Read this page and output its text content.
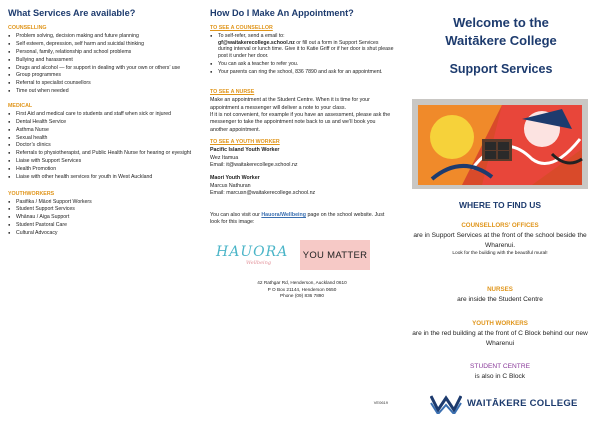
What Services Are available?
COUNSELLING
● Problem solving, decision making and future planning
● Self esteem, depression, self harm and suicidal thinking
● Personal, family, relationship and school problems
● Bullying and harassment
● Drugs and alcohol — for support in dealing with your own or others’ use
● Group programmes
● Referral to specialist counsellors
● Time out when needed
MEDICAL
● First Aid and medical care to students and staff when sick or injured
● Dental Health Service
● Asthma Nurse
● Sexual health
● Doctor’s clinics
● Referrals to physiotherapist, and Public Health Nurse for hearing or eyesight
● Liaise with Support Services
● Health Promotion
● Liaise with other health services for youth in West Auckland
YOUTHWORKERS
● Pasifika / Māori Support Workers
● Student Support Services
● Whānau / Aiga Support
● Student Pastoral Care
● Cultural Advocacy
How Do I Make An Appointment?
TO SEE A COUNSELLOR
● To self-refer, send a email to:
gf@waitakerecollege.school.nz or fill out a form in Support Services during interval or lunch time. Give it to Katie Griff or if her door is shut please post it under her door.
● You can ask a teacher to refer you.
● Your parents can ring the school, 836 7890 and ask for an appointment.
TO SEE A NURSE
Make an appointment at the Student Centre. When it is time for your appointment a messenger will deliver a note to your class.
If it is not convenient, for example if you have an assessment, please ask the messenger to take the appointment note back to us and we’ll book you another appointment.
TO SEE A YOUTH WORKER
Pacific Island Youth Worker
Wez Itamua
Email: it@waitakerecollege.school.nz
Maori Youth Worker
Marcus Nathuran
Email: marcusn@waitakerecollege.school.nz
You can also visit our Hauora/Wellbeing page on the school website. Just look for this image:
HAUORA
Wellbeing
YOU MATTER
42 Rathgar Rd, Henderson, Auckland 0610
P O Box 21144, Henderson 0650
Phone (09) 836 7890
VE0619
Welcome to the
Waitākere College
Support Services
WHERE TO FIND US
COUNSELLORS’ OFFICES
are in Support Services at the front of the school beside the Wharenui.
Look for the building with the beautiful mural!
NURSES
are inside the Student Centre
YOUTH WORKERS
are in the red building at the front of C Block behind our new Wharenui
STUDENT CENTRE
is also in C Block
WAITĀKERE COLLEGE
